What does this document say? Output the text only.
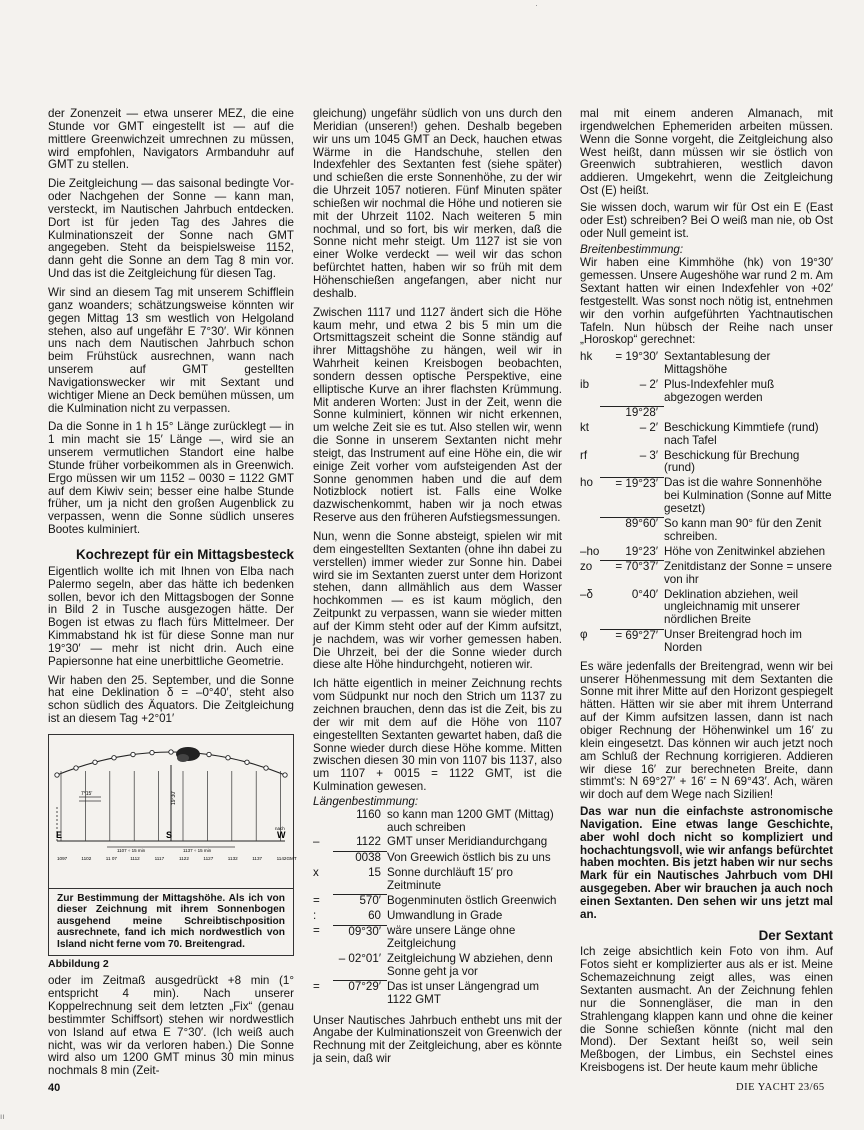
·

der Zonenzeit — etwa unserer MEZ, die eine Stunde vor GMT eingestellt ist — auf die mittlere Greenwichzeit umrechnen zu müssen, wird empfohlen, Navigators Armbanduhr auf GMT zu stellen.

Die Zeitgleichung — das saisonal bedingte Vor- oder Nachgehen der Sonne — kann man, versteckt, im Nautischen Jahrbuch entdecken. Dort ist für jeden Tag des Jahres die Kulminationszeit der Sonne nach GMT angegeben. Steht da beispielsweise 1152, dann geht die Sonne an dem Tag 8 min vor. Und das ist die Zeitgleichung für diesen Tag.

Wir sind an diesem Tag mit unserem Schifflein ganz woanders; schätzungsweise könnten wir gegen Mittag 13 sm westlich von Helgoland stehen, also auf ungefähr E 7°30′. Wir können uns nach dem Nautischen Jahrbuch schon beim Frühstück ausrechnen, wann nach unserem auf GMT gestellten Navigationswecker wir mit Sextant und wichtiger Miene an Deck bemühen müssen, um die Kulmination nicht zu verpassen.

Da die Sonne in 1 h 15° Länge zurücklegt — in 1 min macht sie 15′ Länge —, wird sie an unserem vermutlichen Standort eine halbe Stunde früher vorbeikommen als in Greenwich. Ergo müssen wir um 1152 – 0030 = 1122 GMT auf dem Kiwiv sein; besser eine halbe Stunde früher, um ja nicht den großen Augenblick zu verpassen, wenn die Sonne südlich unseres Bootes kulminiert.

Kochrezept für ein Mittagsbesteck

Eigentlich wollte ich mit Ihnen von Elba nach Palermo segeln, aber das hätte ich bedenken sollen, bevor ich den Mittagsbogen der Sonne in Bild 2 in Tusche ausgezogen hätte. Der Bogen ist etwas zu flach fürs Mittelmeer. Der Kimmabstand hk ist für diese Sonne man nur 19°30′ — mehr ist nicht drin. Auch eine Papiersonne hat eine unerbittliche Geometrie.

Wir haben den 25. September, und die Sonne hat eine Deklination δ = –0°40′, steht also schon südlich des Äquators. Die Zeitgleichung ist an diesem Tag +2°01′

7°15′	19°30′
E	S	W
nach
1107 ÷ 15 min	1137 ÷ 15 min
1097	1102	11 07	1112	1117	1122	1127	1132	1137	1142GMT
Zur Bestimmung der Mittagshöhe. Als ich von dieser Zeichnung mit ihrem Sonnenbogen ausgehend meine Schreibtischposition ausrechnete, fand ich mich nordwestlich von Island nicht ferne vom 70. Breitengrad.
Abbildung 2

oder im Zeitmaß ausgedrückt +8 min (1° entspricht 4 min). Nach unserer Koppelrechnung seit dem letzten „Fix“ (genau bestimmter Schiffsort) stehen wir nordwestlich von Island auf etwa E 7°30′. (Ich weiß auch nicht, was wir da verloren haben.) Die Sonne wird also um 1200 GMT minus 30 min minus nochmals 8 min (Zeit-

gleichung) ungefähr südlich von uns durch den Meridian (unseren!) gehen. Deshalb begeben wir uns um 1045 GMT an Deck, hauchen etwas Wärme in die Handschuhe, stellen den Indexfehler des Sextanten fest (siehe später) und schießen die erste Sonnenhöhe, zu der wir die Uhrzeit 1057 notieren. Fünf Minuten später schießen wir nochmal die Höhe und notieren sie mit der Uhrzeit 1102. Nach weiteren 5 min nochmal, und so fort, bis wir merken, daß die Sonne nicht mehr steigt. Um 1127 ist sie von einer Wolke verdeckt — weil wir das schon befürchtet hatten, haben wir so früh mit dem Höhenschießen angefangen, aber nicht nur deshalb.

Zwischen 1117 und 1127 ändert sich die Höhe kaum mehr, und etwa 2 bis 5 min um die Ortsmittagszeit scheint die Sonne ständig auf ihrer Mittagshöhe zu hängen, weil wir in Wahrheit keinen Kreisbogen beobachten, sondern dessen optische Perspektive, eine elliptische Kurve an ihrer flachsten Krümmung. Mit anderen Worten: Just in der Zeit, wenn die Sonne kulminiert, können wir nicht erkennen, um welche Zeit sie es tut. Also stellen wir, wenn die Sonne in unserem Sextanten nicht mehr steigt, das Instrument auf eine Höhe ein, die wir einige Zeit vorher vom aufsteigenden Ast der Sonne genommen haben und die auf dem Notizblock notiert ist. Falls eine Wolke dazwischenkommt, haben wir ja noch etwas Reserve aus den früheren Aufstiegsmessungen.

Nun, wenn die Sonne absteigt, spielen wir mit dem eingestellten Sextanten (ohne ihn dabei zu verstellen) immer wieder zur Sonne hin. Dabei wird sie im Sextanten zuerst unter dem Horizont stehen, dann allmählich aus dem Wasser hochkommen — es ist kaum möglich, den Zeitpunkt zu verpassen, wann sie wieder mitten auf der Kimm steht oder auf der Kimm aufsitzt, je nachdem, was wir vorher gemessen haben. Die Uhrzeit, bei der die Sonne wieder durch diese alte Höhe hindurchgeht, notieren wir.

Ich hätte eigentlich in meiner Zeichnung rechts vom Südpunkt nur noch den Strich um 1137 zu zeichnen brauchen, denn das ist die Zeit, bis zu der wir mit dem auf die Höhe von 1107 eingestellten Sextanten gewartet haben, daß die Sonne wieder durch diese Höhe komme. Mitten zwischen diesen 30 min von 1107 bis 1137, also um 1107 + 0015 = 1122 GMT, ist die Kulmination gewesen.

Längenbestimmung:
	1160	so kann man 1200 GMT (Mittag) auch schreiben
–	1122	GMT unser Meridiandurchgang
	0038	Von Greewich östlich bis zu uns
x	15	Sonne durchläuft 15′ pro Zeitminute
=	570′	Bogenminuten östlich Greenwich
:	60	Umwandlung in Grade
=	09°30′	wäre unsere Länge ohne Zeitgleichung
	– 02°01′	Zeitgleichung W abziehen, denn Sonne geht ja vor
=	07°29′	Das ist unser Längengrad um 1122 GMT

Unser Nautisches Jahrbuch enthebt uns mit der Angabe der Kulminationszeit von Greenwich der Rechnung mit der Zeitgleichung, aber es könnte ja sein, daß wir

mal mit einem anderen Almanach, mit irgendwelchen Ephemeriden arbeiten müssen. Wenn die Sonne vorgeht, die Zeitgleichung also West heißt, dann müssen wir sie östlich von Greenwich subtrahieren, westlich davon addieren. Umgekehrt, wenn die Zeitgleichung Ost (E) heißt.

Sie wissen doch, warum wir für Ost ein E (East oder Est) schreiben? Bei O weiß man nie, ob Ost oder Null gemeint ist.

Breitenbestimmung:

Wir haben eine Kimmhöhe (hk) von 19°30′ gemessen. Unsere Augeshöhe war rund 2 m. Am Sextant hatten wir einen Indexfehler von +02′ festgestellt. Was sonst noch nötig ist, entnehmen wir den vorhin aufgeführten Yachtnautischen Tafeln. Nun hübsch der Reihe nach unser „Horoskop“ gerechnet:

hk	= 19°30′	Sextantablesung der Mittagshöhe
ib	– 2′	Plus-Indexfehler muß abgezogen werden
	19°28′	
kt	– 2′	Beschickung Kimmtiefe (rund) nach Tafel
rf	– 3′	Beschickung für Brechung (rund)
ho	= 19°23′	Das ist die wahre Sonnenhöhe bei Kulmination (Sonne auf Mitte gesetzt)
	89°60′	So kann man 90° für den Zenit schreiben.
–ho	19°23′	Höhe von Zenitwinkel abziehen
zo	= 70°37′	Zenitdistanz der Sonne = unsere von ihr
–δ	0°40′	Deklination abziehen, weil ungleichnamig mit unserer nördlichen Breite
φ	= 69°27′	Unser Breitengrad hoch im Norden

Es wäre jedenfalls der Breitengrad, wenn wir bei unserer Höhenmessung mit dem Sextanten die Sonne mit ihrer Mitte auf den Horizont gespiegelt hätten. Hätten wir sie aber mit ihrem Unterrand auf der Kimm aufsitzen lassen, dann ist nach obiger Rechnung der Höhenwinkel um 16′ zu klein eingesetzt. Das können wir auch jetzt noch am Schluß der Rechnung korrigieren. Addieren wir diese 16′ zur berechneten Breite, dann stimmt's: N 69°27′ + 16′ = N 69°43′. Ach, wären wir doch auf dem Wege nach Sizilien!

Das war nun die einfachste astronomische Navigation. Eine etwas lange Geschichte, aber wohl doch nicht so kompliziert und hochachtungsvoll, wie wir anfangs befürchtet haben mochten. Bis jetzt haben wir nur sechs Mark für ein Nautisches Jahrbuch vom DHI ausgegeben. Aber wir brauchen ja auch noch einen Sextanten. Den sehen wir uns jetzt mal an.

Der Sextant

Ich zeige absichtlich kein Foto von ihm. Auf Fotos sieht er komplizierter aus als er ist. Meine Schemazeichnung zeigt alles, was einen Sextanten ausmacht. An der Zeichnung fehlen nur die Sonnengläser, die man in den Strahlengang klappen kann und ohne die keiner die Sonne schießen könnte (nicht mal den Mond). Der Sextant heißt so, weil sein Meßbogen, der Limbus, ein Sechstel eines Kreisbogens ist. Der heute kaum mehr übliche

40	DIE YACHT 23/65
ıı
